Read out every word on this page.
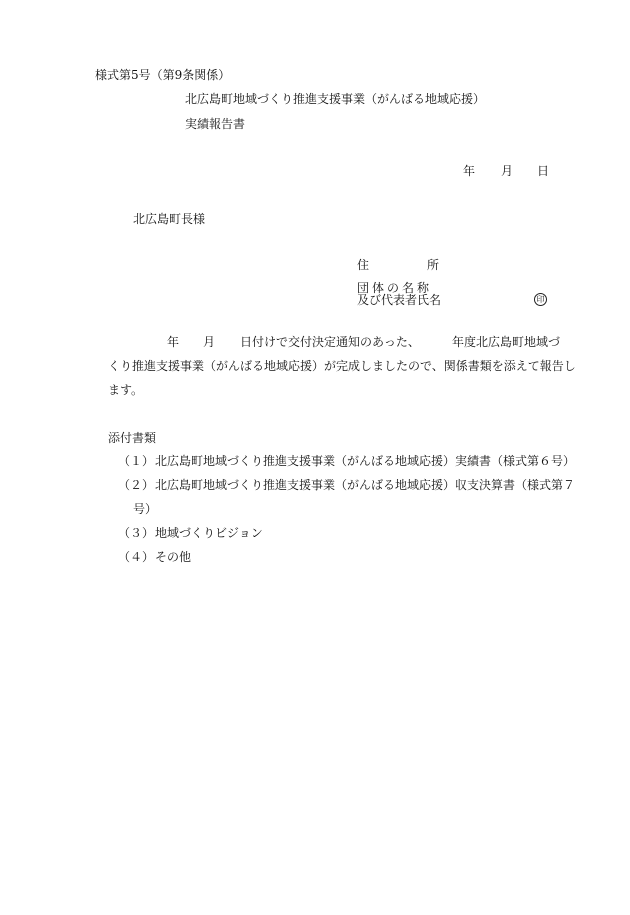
様式第5号（第9条関係）
北広島町地域づくり推進支援事業（がんばる地域応援）
実績報告書
年 月 日
北広島町長様
住	所
団体の名称
及び代表者氏名	印
年 月 日付けで交付決定通知のあった、	年度北広島町地域づ
くり推進支援事業（がんばる地域応援）が完成しましたので、関係書類を添えて報告し
ます。
添付書類
（１） 北広島町地域づくり推進支援事業（がんばる地域応援）実績書（様式第６号）
（２） 北広島町地域づくり推進支援事業（がんばる地域応援）収支決算書（様式第７
号）
（３） 地域づくりビジョン
（４） その他
